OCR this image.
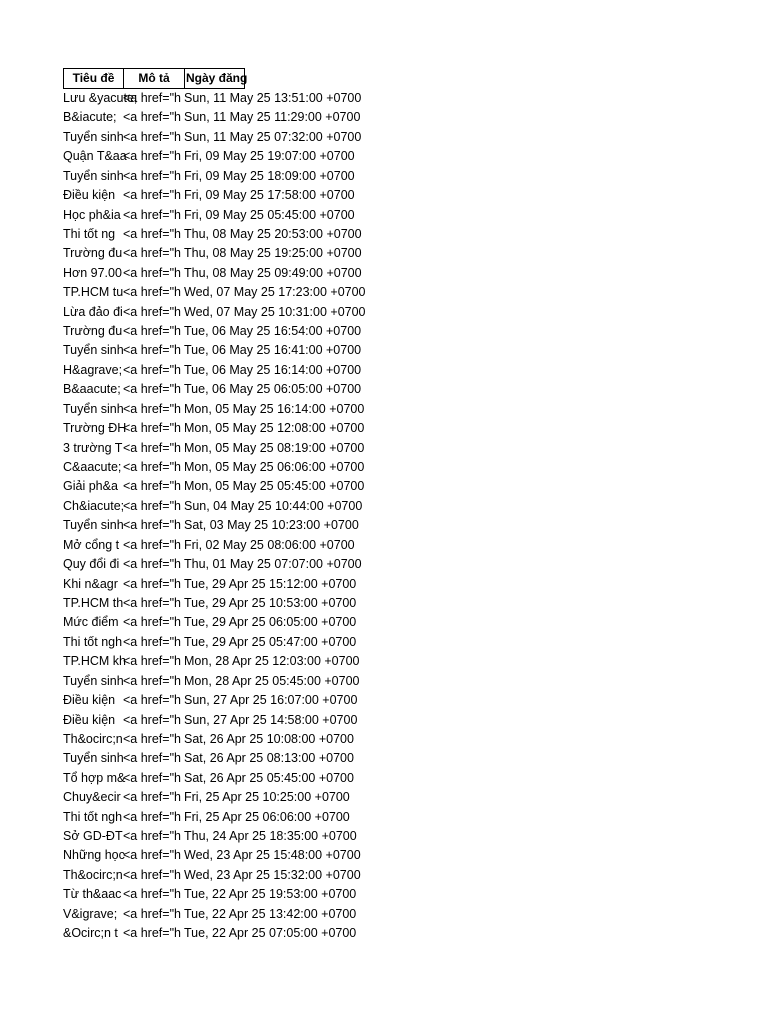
Tiêu đề	Mô tả	Ngày đăng
Lưu &yacute;
<a href="h Sun, 11 May 25 13:51:00 +0700
B&iacute; <a href="h Sun, 11 May 25 11:29:00 +0700
Tuyển sinh <a href="h Sun, 11 May 25 07:32:00 +0700
Quận T&aa
<a href="h Fri, 09 May 25 19:07:00 +0700
Tuyển sinh <a href="h Fri, 09 May 25 18:09:00 +0700
Điều kiện <a href="h Fri, 09 May 25 17:58:00 +0700
Học ph&ia <a href="h Fri, 09 May 25 05:45:00 +0700
Thi tốt ng <a href="h Thu, 08 May 25 20:53:00 +0700
Trường đu <a href="h Thu, 08 May 25 19:25:00 +0700
Hơn 97.00 <a href="h Thu, 08 May 25 09:49:00 +0700
TP.HCM tu <a href="h Wed, 07 May 25 17:23:00 +0700
Lừa đảo đi <a href="h Wed, 07 May 25 10:31:00 +0700
Trường đu <a href="h Tue, 06 May 25 16:54:00 +0700
Tuyển sinh <a href="h Tue, 06 May 25 16:41:00 +0700
H&agrave; <a href="h Tue, 06 May 25 16:14:00 +0700
B&aacute; <a href="h Tue, 06 May 25 06:05:00 +0700
Tuyển sinh <a href="h Mon, 05 May 25 16:14:00 +0700
Trường ĐH
<a href="h Mon, 05 May 25 12:08:00 +0700
3 trường T <a href="h Mon, 05 May 25 08:19:00 +0700
C&aacute; <a href="h Mon, 05 May 25 06:06:00 +0700
Giải ph&a <a href="h Mon, 05 May 25 05:45:00 +0700
Ch&iacute;
<a href="h Sun, 04 May 25 10:44:00 +0700
Tuyển sinh <a href="h Sat, 03 May 25 10:23:00 +0700
Mở cổng t <a href="h Fri, 02 May 25 08:06:00 +0700
Quy đổi đi <a href="h Thu, 01 May 25 07:07:00 +0700
Khi n&agr <a href="h Tue, 29 Apr 25 15:12:00 +0700
TP.HCM th <a href="h Tue, 29 Apr 25 10:53:00 +0700
Mức điểm <a href="h Tue, 29 Apr 25 06:05:00 +0700
Thi tốt ngh <a href="h Tue, 29 Apr 25 05:47:00 +0700
TP.HCM kh
<a href="h Mon, 28 Apr 25 12:03:00 +0700
Tuyển sinh <a href="h Mon, 28 Apr 25 05:45:00 +0700
Điều kiện <a href="h Sun, 27 Apr 25 16:07:00 +0700
Điều kiện <a href="h Sun, 27 Apr 25 14:58:00 +0700
Th&ocirc;n <a href="h Sat, 26 Apr 25 10:08:00 +0700
Tuyển sinh <a href="h Sat, 26 Apr 25 08:13:00 +0700
Tổ hợp m&
<a href="h Sat, 26 Apr 25 05:45:00 +0700
Chuy&ecir <a href="h Fri, 25 Apr 25 10:25:00 +0700
Thi tốt ngh <a href="h Fri, 25 Apr 25 06:06:00 +0700
Sở GD-ĐT <a href="h Thu, 24 Apr 25 18:35:00 +0700
Những học
<a href="h Wed, 23 Apr 25 15:48:00 +0700
Th&ocirc;n <a href="h Wed, 23 Apr 25 15:32:00 +0700
Từ th&aac <a href="h Tue, 22 Apr 25 19:53:00 +0700
V&igrave; <a href="h Tue, 22 Apr 25 13:42:00 +0700
&Ocirc;n t <a href="h Tue, 22 Apr 25 07:05:00 +0700
